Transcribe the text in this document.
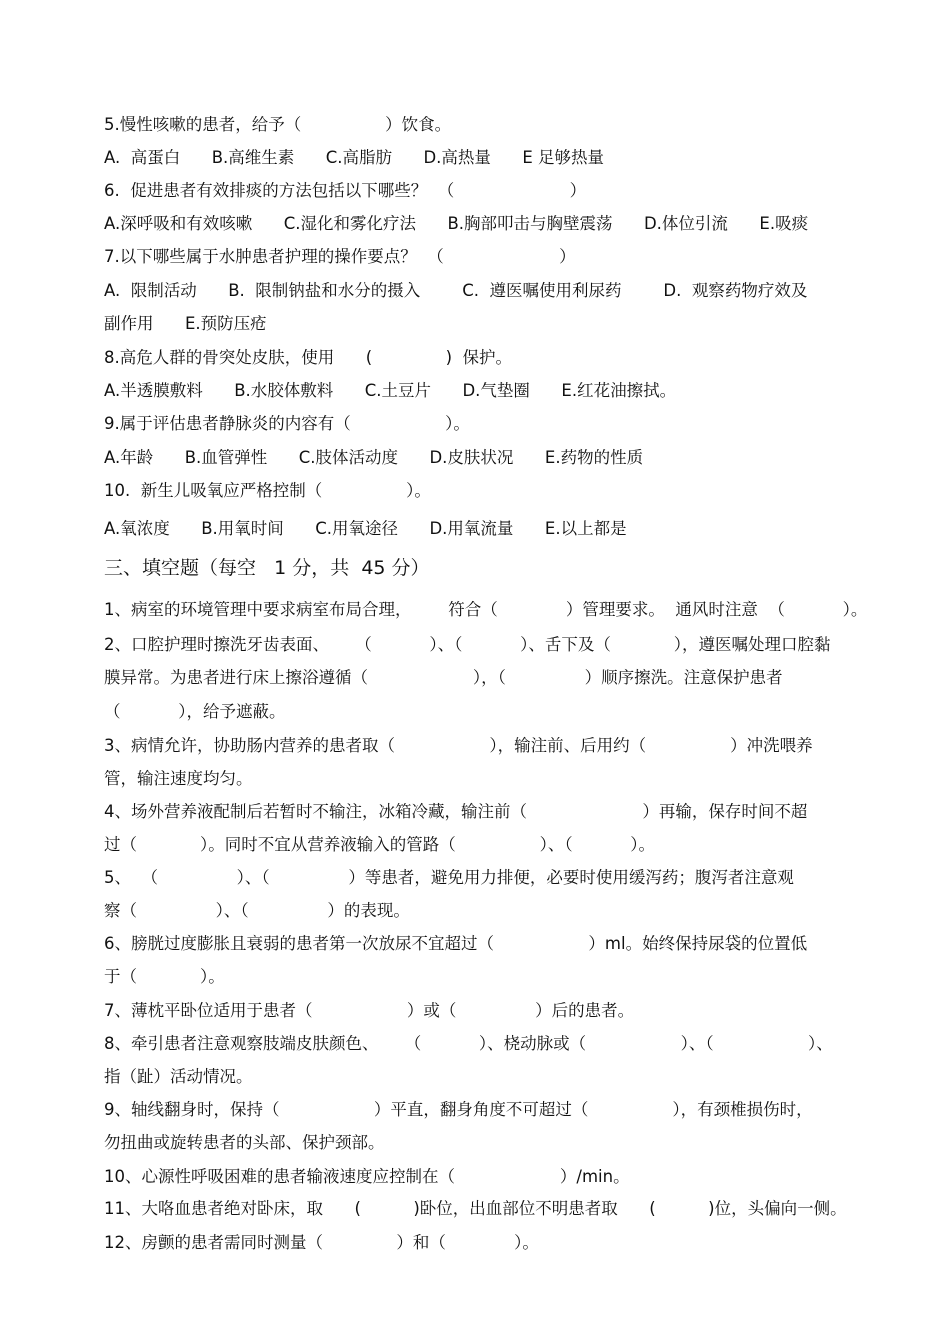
5.慢性咳嗽的患者，给予（                ）饮食。
A.  高蛋白      B.高维生素      C.高脂肪      D.高热量      E 足够热量
6.  促进患者有效排痰的方法包括以下哪些？  （                      ）
A.深呼吸和有效咳嗽      C.湿化和雾化疗法      B.胸部叩击与胸壁震荡      D.体位引流      E.吸痰
7.以下哪些属于水肿患者护理的操作要点？  （                      ）
A.  限制活动      B.  限制钠盐和水分的摄入        C.  遵医嘱使用利尿药        D.  观察药物疗效及
副作用      E.预防压疮
8.高危人群的骨突处皮肤，使用      (              )  保护。
A.半透膜敷料      B.水胶体敷料      C.土豆片      D.气垫圈      E.红花油擦拭。
9.属于评估患者静脉炎的内容有（                  ）。
A.年龄      B.血管弹性      C.肢体活动度      D.皮肤状况      E.药物的性质
10.  新生儿吸氧应严格控制（                ）。
A.氧浓度      B.用氧时间      C.用氧途径      D.用氧流量      E.以上都是
三、填空题（每空   1 分，共  45 分）
1、病室的环境管理中要求病室布局合理，       符合（             ）管理要求。  通风时注意  （           ）。
2、口腔护理时擦洗牙齿表面、     （           ）、（           ）、舌下及（            ），遵医嘱处理口腔黏
膜异常。为患者进行床上擦浴遵循（                    ），（               ）顺序擦洗。注意保护患者
（           ），给予遮蔽。
3、病情允许，协助肠内营养的患者取（                  ），输注前、后用约（                ）冲洗喂养
管，输注速度均匀。
4、场外营养液配制后若暂时不输注，冰箱冷藏，输注前（                      ）再输，保存时间不超
过（            ）。同时不宜从营养液输入的管路（                ）、（           ）。
5、  （               ）、（               ）等患者，避免用力排便，必要时使用缓泻药；腹泻者注意观
察（               ）、（               ）的表现。
6、膀胱过度膨胀且衰弱的患者第一次放尿不宜超过（                  ）ml。始终保持尿袋的位置低
于（            ）。
7、薄枕平卧位适用于患者（                  ）或（               ）后的患者。
8、牵引患者注意观察肢端皮肤颜色、     （           ）、桡动脉或（                  ）、（                  ）、
指（趾）活动情况。
9、轴线翻身时，保持（                  ）平直，翻身角度不可超过（                ），有颈椎损伤时，
勿扭曲或旋转患者的头部、保护颈部。
10、心源性呼吸困难的患者输液速度应控制在（                    ）/min。
11、大咯血患者绝对卧床，取      (          )卧位，出血部位不明患者取      (          )位，头偏向一侧。
12、房颤的患者需同时测量（              ）和（             ）。
